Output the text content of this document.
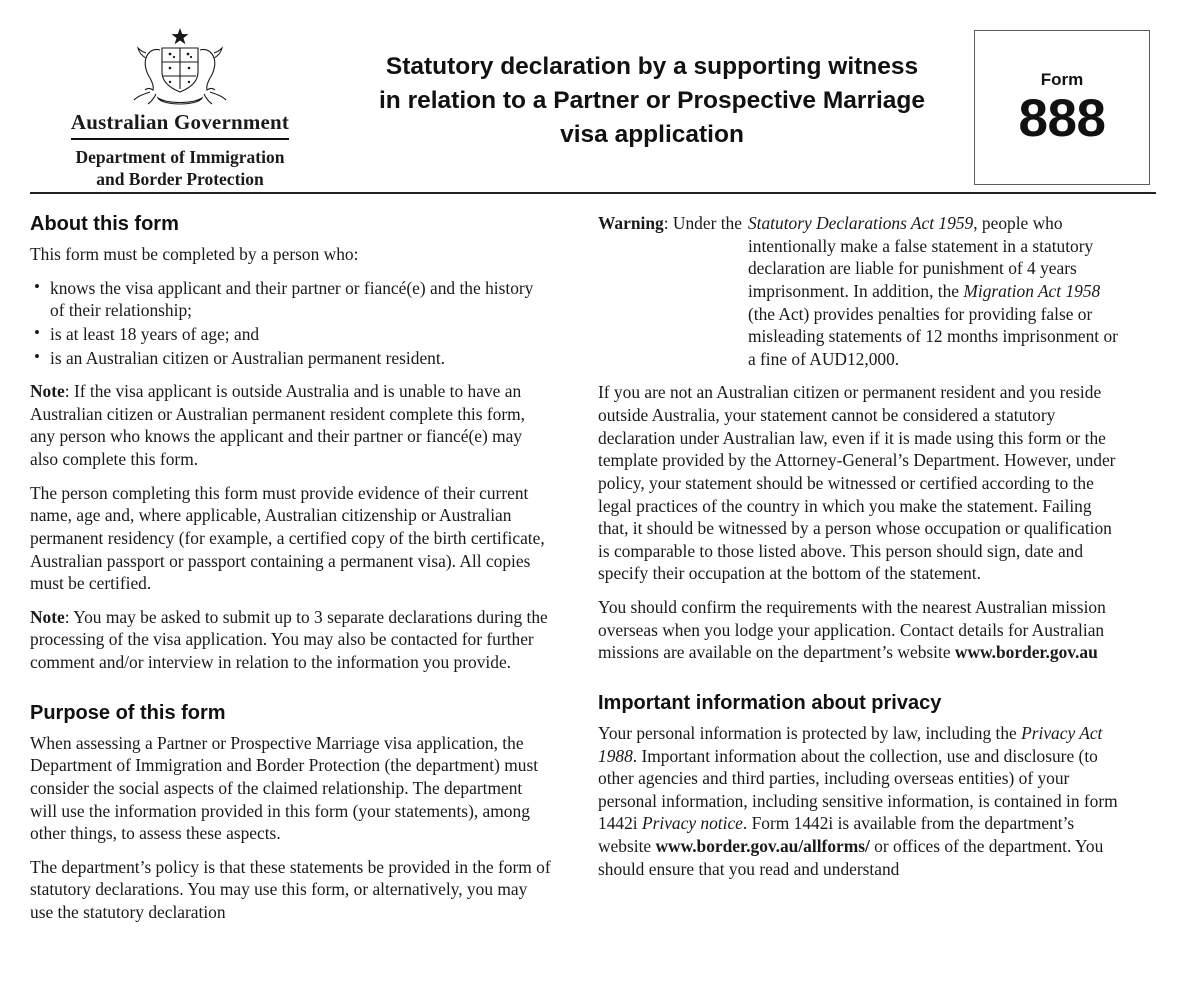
Australian Government
Department of Immigration
and Border Protection
Statutory declaration by a supporting witness
in relation to a Partner or Prospective Marriage
visa application
Form
888
About this form

This form must be completed by a person who:

• knows the visa applicant and their partner or fiancé(e) and the history of their relationship;
• is at least 18 years of age; and
• is an Australian citizen or Australian permanent resident.

Note: If the visa applicant is outside Australia and is unable to have an Australian citizen or Australian permanent resident complete this form, any person who knows the applicant and their partner or fiancé(e) may also complete this form.

The person completing this form must provide evidence of their current name, age and, where applicable, Australian citizenship or Australian permanent residency (for example, a certified copy of the birth certificate, Australian passport or passport containing a permanent visa). All copies must be certified.

Note: You may be asked to submit up to 3 separate declarations during the processing of the visa application. You may also be contacted for further comment and/or interview in relation to the information you provide.

Purpose of this form

When assessing a Partner or Prospective Marriage visa application, the Department of Immigration and Border Protection (the department) must consider the social aspects of the claimed relationship. The department will use the information provided in this form (your statements), among other things, to assess these aspects.

The department’s policy is that these statements be provided in the form of statutory declarations. You may use this form, or alternatively, you may use the statutory declaration

Warning: Under the Statutory Declarations Act 1959, people who intentionally make a false statement in a statutory declaration are liable for punishment of 4 years imprisonment. In addition, the Migration Act 1958 (the Act) provides penalties for providing false or misleading statements of 12 months imprisonment or a fine of AUD12,000.

If you are not an Australian citizen or permanent resident and you reside outside Australia, your statement cannot be considered a statutory declaration under Australian law, even if it is made using this form or the template provided by the Attorney-General’s Department. However, under policy, your statement should be witnessed or certified according to the legal practices of the country in which you make the statement. Failing that, it should be witnessed by a person whose occupation or qualification is comparable to those listed above. This person should sign, date and specify their occupation at the bottom of the statement.

You should confirm the requirements with the nearest Australian mission overseas when you lodge your application. Contact details for Australian missions are available on the department’s website www.border.gov.au

Important information about privacy

Your personal information is protected by law, including the Privacy Act 1988. Important information about the collection, use and disclosure (to other agencies and third parties, including overseas entities) of your personal information, including sensitive information, is contained in form 1442i Privacy notice. Form 1442i is available from the department’s website www.border.gov.au/allforms/ or offices of the department. You should ensure that you read and understand
